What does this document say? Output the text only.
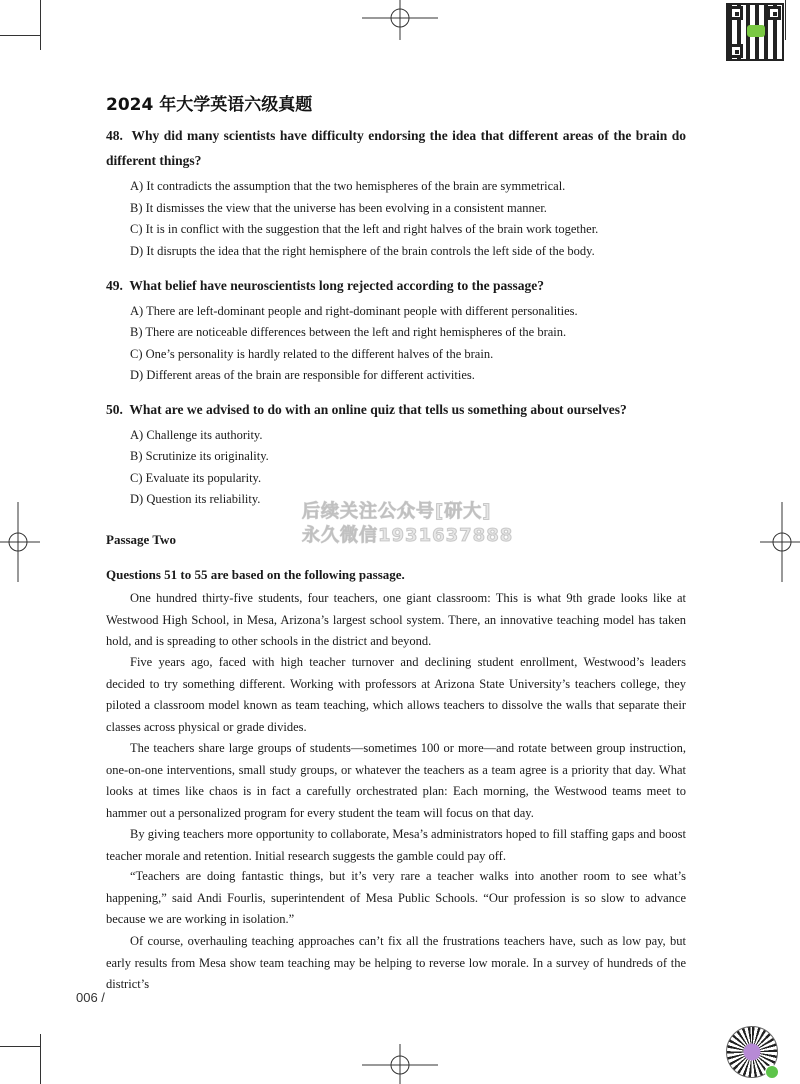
2024 年大学英语六级真题
48. Why did many scientists have difficulty endorsing the idea that different areas of the brain do different things?
A) It contradicts the assumption that the two hemispheres of the brain are symmetrical.
B) It dismisses the view that the universe has been evolving in a consistent manner.
C) It is in conflict with the suggestion that the left and right halves of the brain work together.
D) It disrupts the idea that the right hemisphere of the brain controls the left side of the body.
49. What belief have neuroscientists long rejected according to the passage?
A) There are left-dominant people and right-dominant people with different personalities.
B) There are noticeable differences between the left and right hemispheres of the brain.
C) One’s personality is hardly related to the different halves of the brain.
D) Different areas of the brain are responsible for different activities.
50. What are we advised to do with an online quiz that tells us something about ourselves?
A) Challenge its authority.
B) Scrutinize its originality.
C) Evaluate its popularity.
D) Question its reliability.
后续关注公众号[研大]
永久微信1931637888
Passage Two
Questions 51 to 55 are based on the following passage.

One hundred thirty-five students, four teachers, one giant classroom: This is what 9th grade looks like at Westwood High School, in Mesa, Arizona’s largest school system. There, an innovative teaching model has taken hold, and is spreading to other schools in the district and beyond.

Five years ago, faced with high teacher turnover and declining student enrollment, Westwood’s leaders decided to try something different. Working with professors at Arizona State University’s teachers college, they piloted a classroom model known as team teaching, which allows teachers to dissolve the walls that separate their classes across physical or grade divides.

The teachers share large groups of students—sometimes 100 or more—and rotate between group instruction, one-on-one interventions, small study groups, or whatever the teachers as a team agree is a priority that day. What looks at times like chaos is in fact a carefully orchestrated plan: Each morning, the Westwood teams meet to hammer out a personalized program for every student the team will focus on that day.

By giving teachers more opportunity to collaborate, Mesa’s administrators hoped to fill staffing gaps and boost teacher morale and retention. Initial research suggests the gamble could pay off.

“Teachers are doing fantastic things, but it’s very rare a teacher walks into another room to see what’s happening,” said Andi Fourlis, superintendent of Mesa Public Schools. “Our profession is so slow to advance because we are working in isolation.”

Of course, overhauling teaching approaches can’t fix all the frustrations teachers have, such as low pay, but early results from Mesa show team teaching may be helping to reverse low morale. In a survey of hundreds of the district’s

006 /
